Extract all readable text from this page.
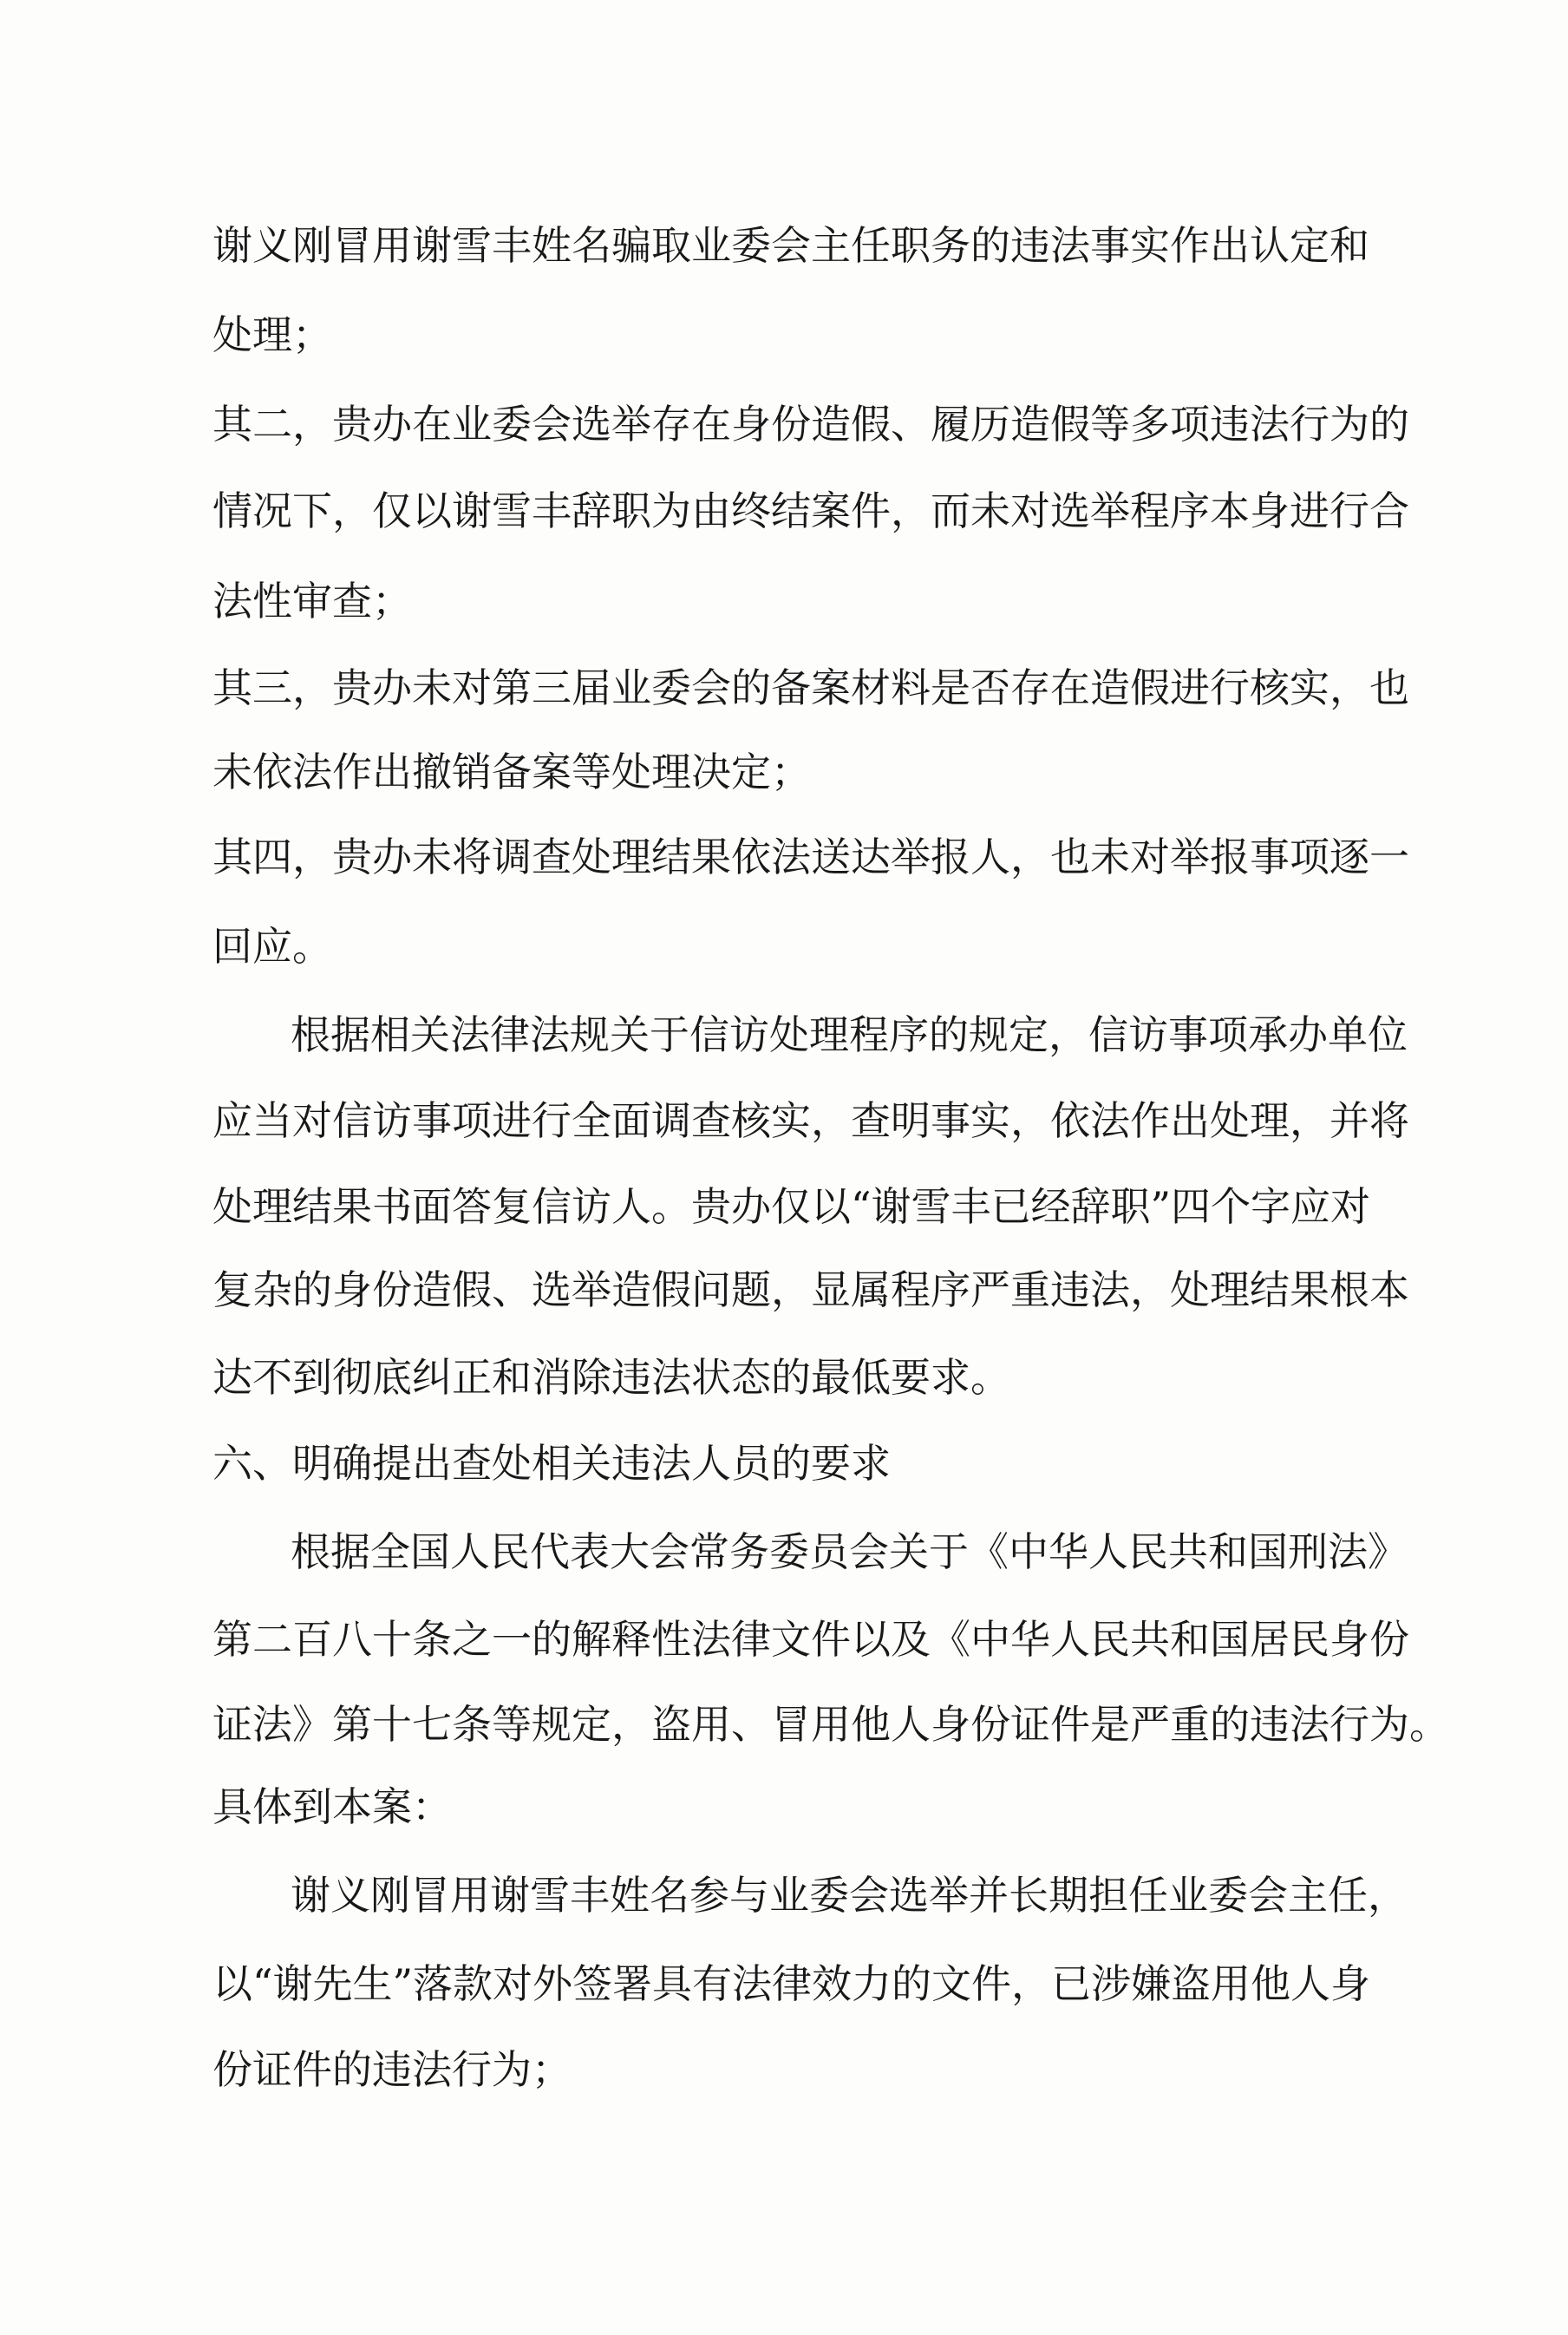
谢义刚冒用谢雪丰姓名骗取业委会主任职务的违法事实作出认定和

处理；

其二，贵办在业委会选举存在身份造假、履历造假等多项违法行为的

情况下，仅以谢雪丰辞职为由终结案件，而未对选举程序本身进行合

法性审查；

其三，贵办未对第三届业委会的备案材料是否存在造假进行核实，也

未依法作出撤销备案等处理决定；

其四，贵办未将调查处理结果依法送达举报人，也未对举报事项逐一

回应。

根据相关法律法规关于信访处理程序的规定，信访事项承办单位

应当对信访事项进行全面调查核实，查明事实，依法作出处理，并将

处理结果书面答复信访人。贵办仅以“谢雪丰已经辞职”四个字应对

复杂的身份造假、选举造假问题，显属程序严重违法，处理结果根本

达不到彻底纠正和消除违法状态的最低要求。

六、明确提出查处相关违法人员的要求

根据全国人民代表大会常务委员会关于《中华人民共和国刑法》

第二百八十条之一的解释性法律文件以及《中华人民共和国居民身份

证法》第十七条等规定，盗用、冒用他人身份证件是严重的违法行为。

具体到本案：

谢义刚冒用谢雪丰姓名参与业委会选举并长期担任业委会主任，

以“谢先生”落款对外签署具有法律效力的文件，已涉嫌盗用他人身

份证件的违法行为；
